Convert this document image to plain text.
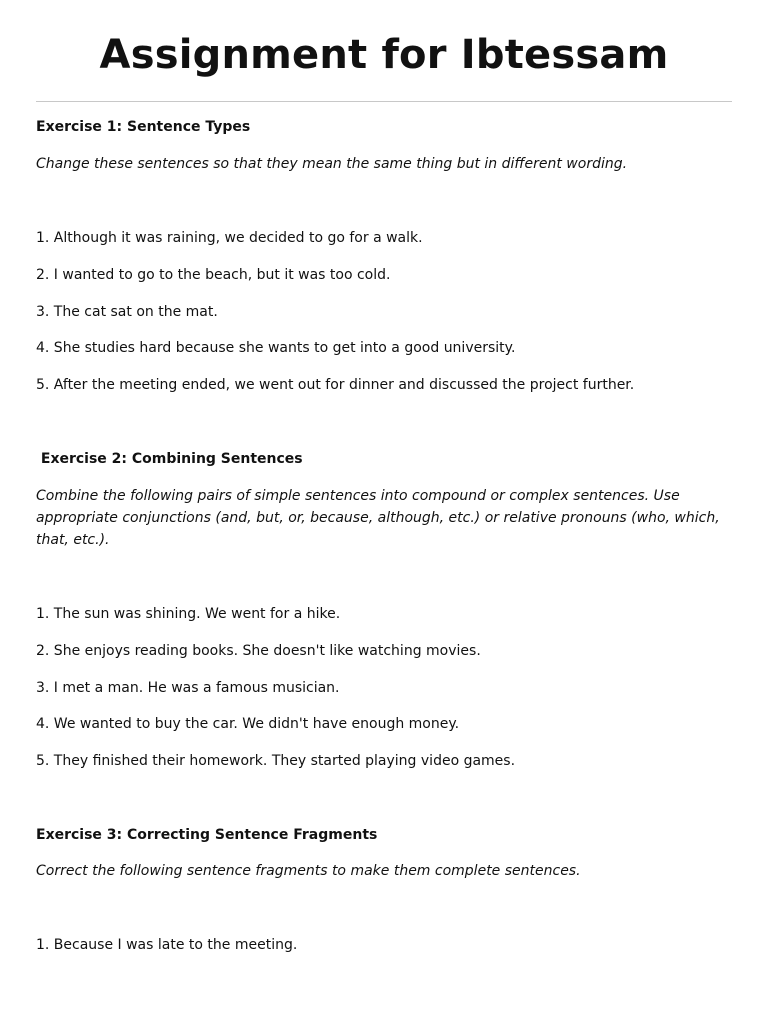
Assignment for Ibtessam
Exercise 1: Sentence Types
Change these sentences so that they mean the same thing but in different wording.
1. Although it was raining, we decided to go for a walk.
2. I wanted to go to the beach, but it was too cold.
3. The cat sat on the mat.
4. She studies hard because she wants to get into a good university.
5. After the meeting ended, we went out for dinner and discussed the project further.
Exercise 2: Combining Sentences
Combine the following pairs of simple sentences into compound or complex sentences. Use appropriate conjunctions (and, but, or, because, although, etc.) or relative pronouns (who, which, that, etc.).
1. The sun was shining. We went for a hike.
2. She enjoys reading books. She doesn't like watching movies.
3. I met a man. He was a famous musician.
4. We wanted to buy the car. We didn't have enough money.
5. They finished their homework. They started playing video games.
Exercise 3: Correcting Sentence Fragments
Correct the following sentence fragments to make them complete sentences.
1. Because I was late to the meeting.
